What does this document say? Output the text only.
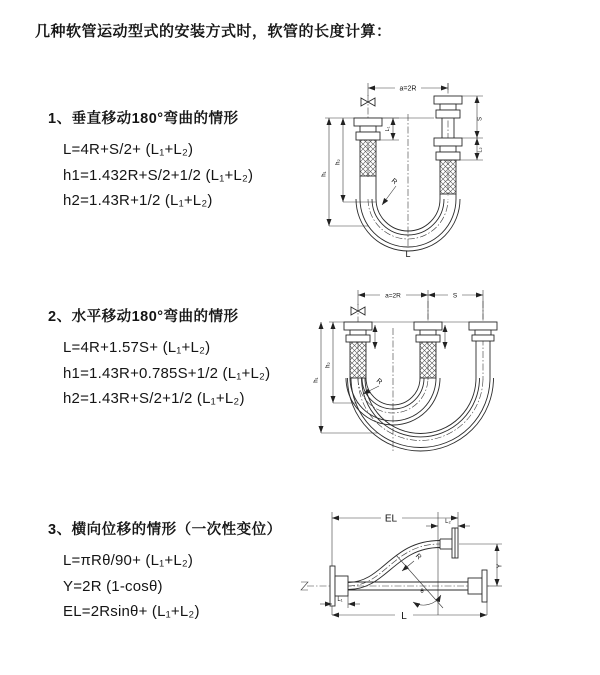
几种软管运动型式的安装方式时，软管的长度计算：
1、垂直移动180°弯曲的情形
L=4R+S/2+ (L₁+L₂)
h1=1.432R+S/2+1/2 (L₁+L₂)
h2=1.43R+1/2 (L₁+L₂)
a=2R
L₁
S
L₂
h₁
h₂
R
L
2、水平移动180°弯曲的情形
L=4R+1.57S+ (L₁+L₂)
h1=1.43R+0.785S+1/2 (L₁+L₂)
h2=1.43R+S/2+1/2 (L₁+L₂)
a=2R	S
h₁
h₂
R
3、横向位移的情形（一次性变位）
L=πRθ/90+ (L₁+L₂)
Y=2R (1-cosθ)
EL=2Rsinθ+ (L₁+L₂)
EL	L₂
Y
R
θ
L₁
L
